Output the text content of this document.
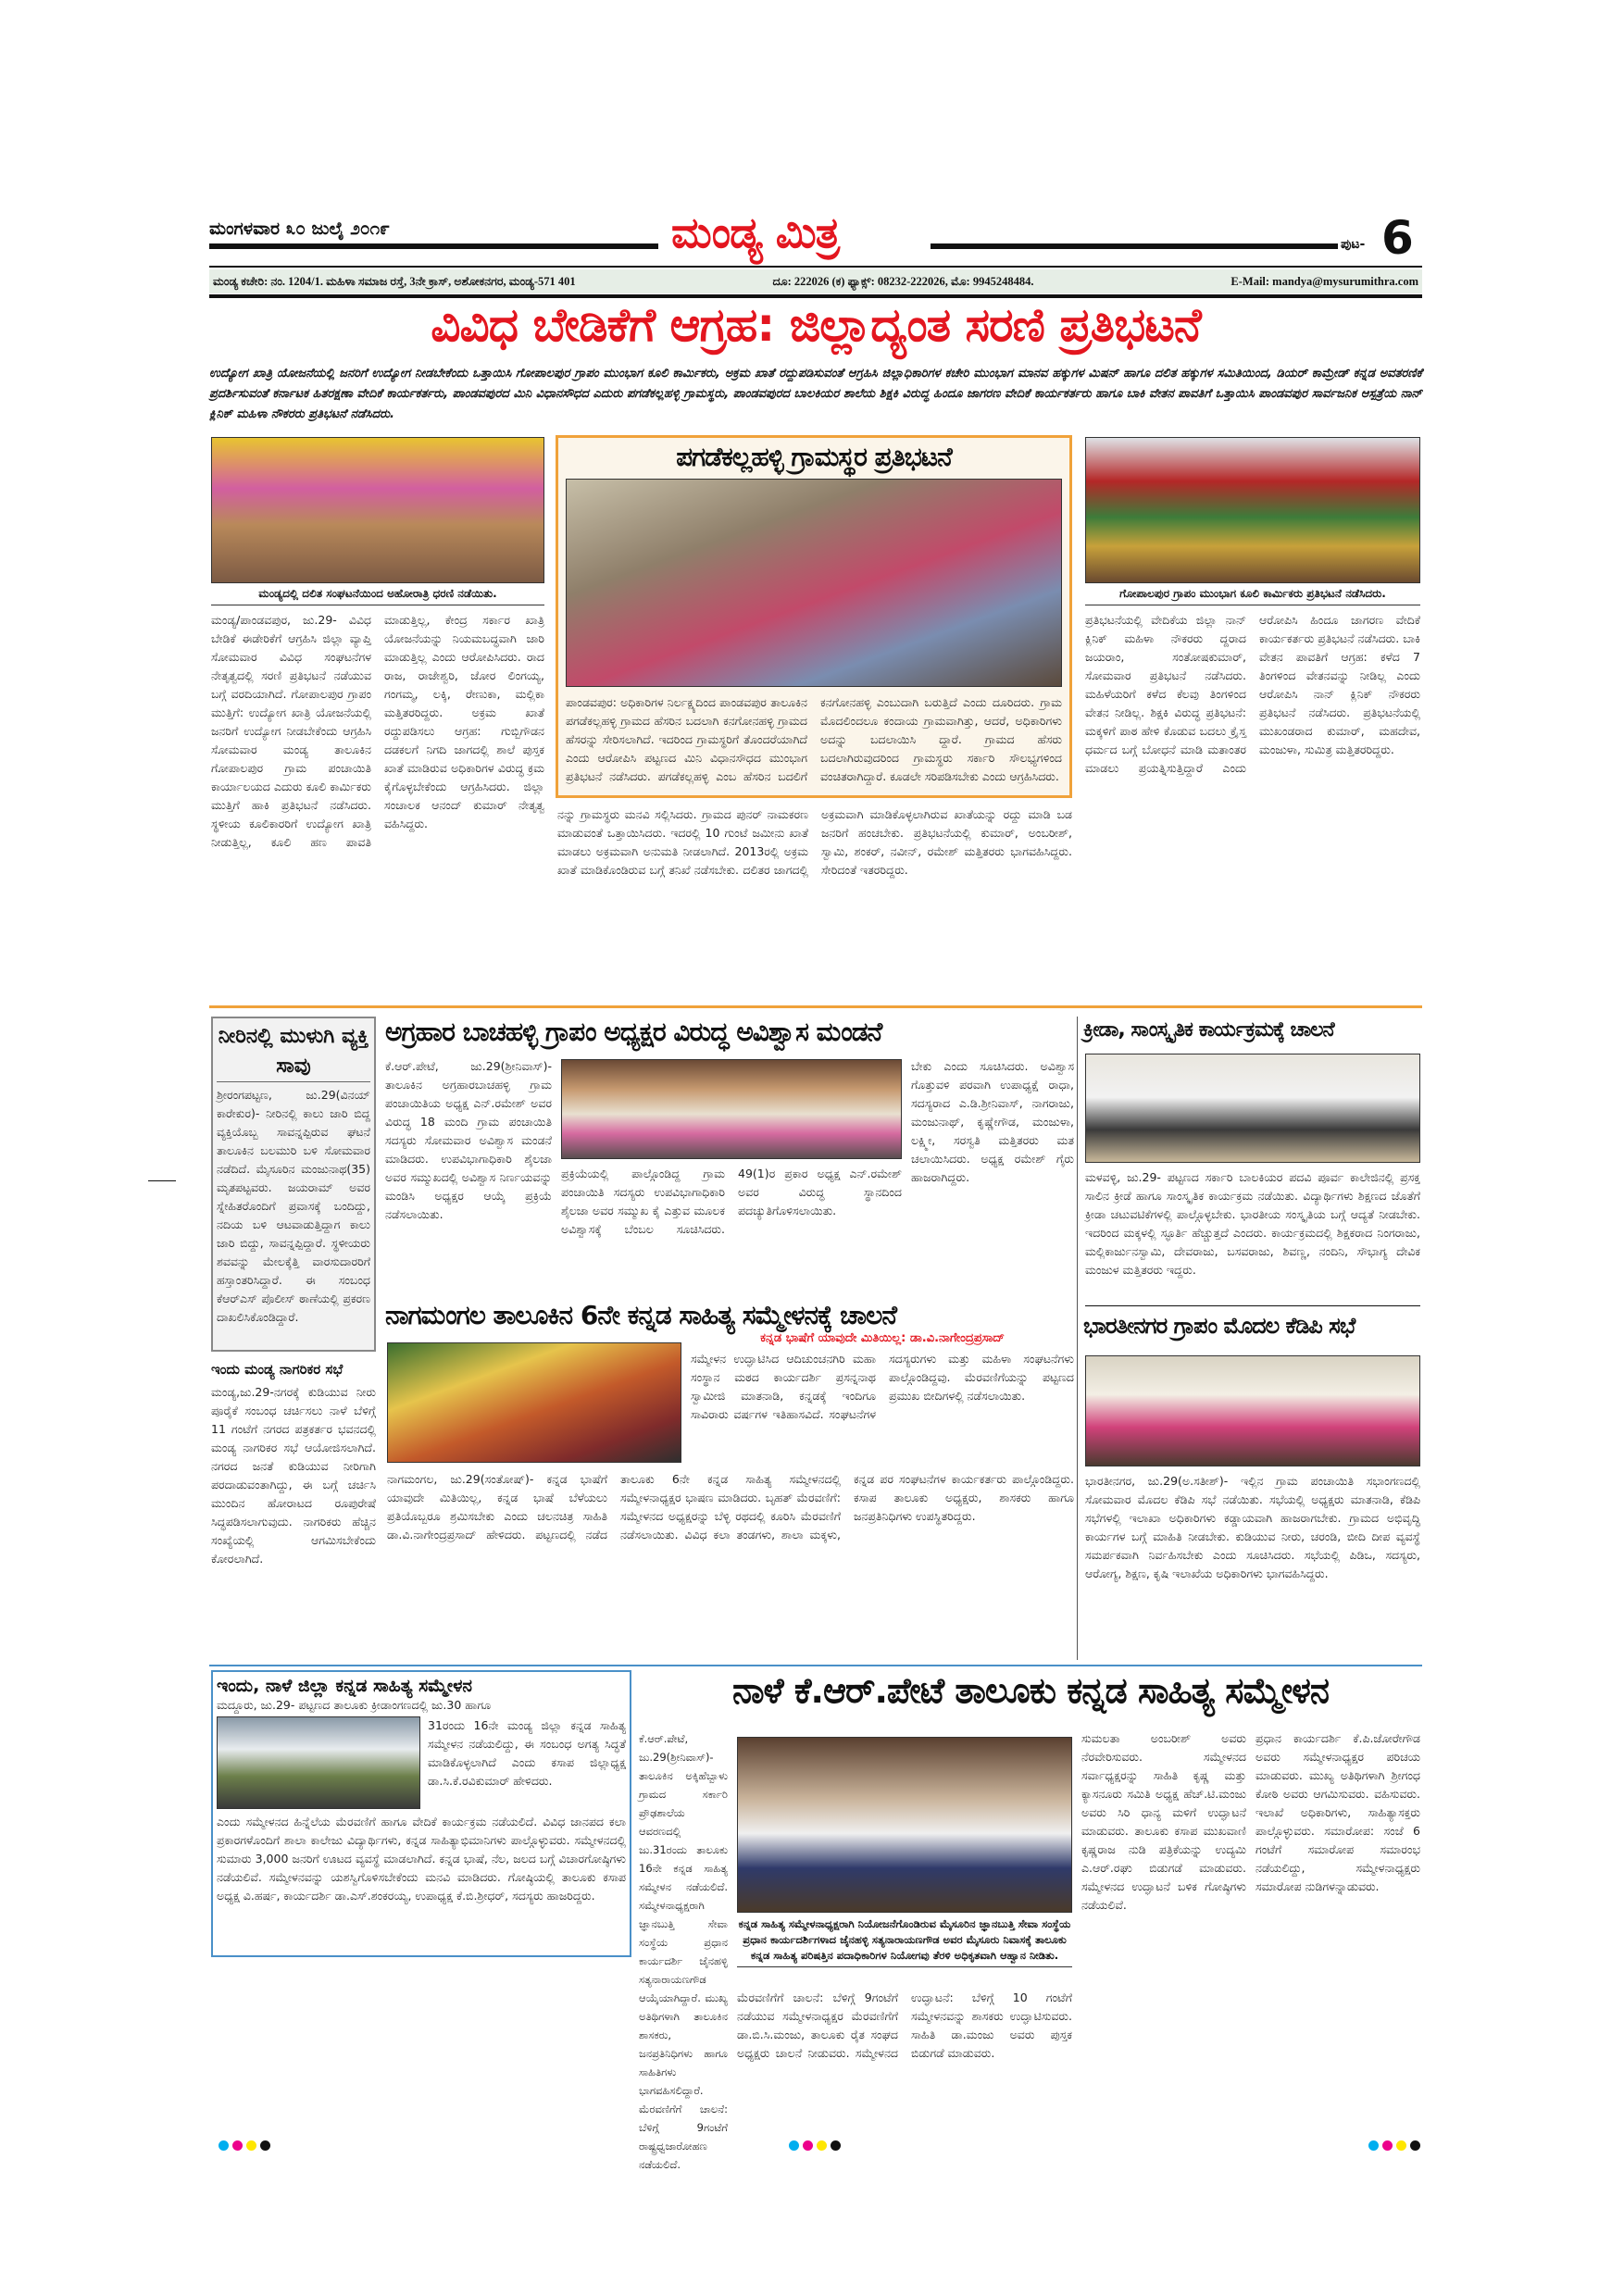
ಮಂಗಳವಾರ ೩೦ ಜುಲೈ ೨೦೧೯	ಮಂಡ್ಯ ಮಿತ್ರ	ಪುಟ- 6
ಮಂಡ್ಯ ಕಚೇರಿ: ನಂ. 1204/1. ಮಹಿಳಾ ಸಮಾಜ ರಸ್ತೆ, 3ನೇ ಕ್ರಾಸ್, ಅಶೋಕನಗರ, ಮಂಡ್ಯ-571 401	ದೂ: 222026 (ಕ) ಫ್ಯಾಕ್ಸ್: 08232-222026, ಮೊ: 9945248484.	E-Mail: mandya@mysurumithra.com
ವಿವಿಧ ಬೇಡಿಕೆಗೆ ಆಗ್ರಹ: ಜಿಲ್ಲಾದ್ಯಂತ ಸರಣಿ ಪ್ರತಿಭಟನೆ
ಉದ್ಯೋಗ ಖಾತ್ರಿ ಯೋಜನೆಯಲ್ಲಿ ಜನರಿಗೆ ಉದ್ಯೋಗ ನೀಡಬೇಕೆಂದು ಒತ್ತಾಯಿಸಿ ಗೋಪಾಲಪುರ ಗ್ರಾಪಂ ಮುಂಭಾಗ ಕೂಲಿ ಕಾರ್ಮಿಕರು, ಅಕ್ರಮ ಖಾತೆ ರದ್ದುಪಡಿಸುವಂತೆ ಆಗ್ರಹಿಸಿ ಜಿಲ್ಲಾಧಿಕಾರಿಗಳ ಕಚೇರಿ ಮುಂಭಾಗ ಮಾನವ ಹಕ್ಕುಗಳ ಮಿಷನ್ ಹಾಗೂ ದಲಿತ ಹಕ್ಕುಗಳ ಸಮಿತಿಯಿಂದ, ಡಿಯರ್ ಕಾಮ್ರೇಡ್ ಕನ್ನಡ ಅವತರಣಿಕೆ ಪ್ರದರ್ಶಿಸುವಂತೆ ಕರ್ನಾಟಕ ಹಿತರಕ್ಷಣಾ ವೇದಿಕೆ ಕಾರ್ಯಕರ್ತರು, ಪಾಂಡವಪುರದ ಮಿನಿ ವಿಧಾನಸೌಧದ ಎದುರು ಪಗಡೆಕಲ್ಲಹಳ್ಳಿ ಗ್ರಾಮಸ್ಥರು, ಪಾಂಡವಪುರದ ಬಾಲಕಿಯರ ಶಾಲೆಯ ಶಿಕ್ಷಕಿ ವಿರುದ್ಧ ಹಿಂದೂ ಜಾಗರಣ ವೇದಿಕೆ ಕಾರ್ಯಕರ್ತರು ಹಾಗೂ ಬಾಕಿ ವೇತನ ಪಾವತಿಗೆ ಒತ್ತಾಯಿಸಿ ಪಾಂಡವಪುರ ಸಾರ್ವಜನಿಕ ಆಸ್ಪತ್ರೆಯ ನಾನ್ ಕ್ಲಿನಿಕ್ ಮಹಿಳಾ ನೌಕರರು ಪ್ರತಿಭಟನೆ ನಡೆಸಿದರು.
ಮಂಡ್ಯದಲ್ಲಿ ದಲಿತ ಸಂಘಟನೆಯಿಂದ ಅಹೋರಾತ್ರಿ ಧರಣಿ ನಡೆಯಿತು.
ಮಂಡ್ಯ/ಪಾಂಡವಪುರ, ಜು.29- ವಿವಿಧ ಬೇಡಿಕೆ ಈಡೇರಿಕೆಗೆ ಆಗ್ರಹಿಸಿ ಜಿಲ್ಲಾ ವ್ಯಾಪ್ತಿ ಸೋಮವಾರ ವಿವಿಧ ಸಂಘಟನೆಗಳ ನೇತೃತ್ವದಲ್ಲಿ ಸರಣಿ ಪ್ರತಿಭಟನೆ ನಡೆಯುವ ಬಗ್ಗೆ ವರದಿಯಾಗಿದೆ. ಗೋಪಾಲಪುರ ಗ್ರಾಪಂ ಮುತ್ತಿಗೆ: ಉದ್ಯೋಗ ಖಾತ್ರಿ ಯೋಜನೆಯಲ್ಲಿ ಜನರಿಗೆ ಉದ್ಯೋಗ ನೀಡಬೇಕೆಂದು ಆಗ್ರಹಿಸಿ ಸೋಮವಾರ ಮಂಡ್ಯ ತಾಲೂಕಿನ ಗೋಪಾಲಪುರ ಗ್ರಾಮ ಪಂಚಾಯಿತಿ ಕಾರ್ಯಾಲಯದ ಎದುರು ಕೂಲಿ ಕಾರ್ಮಿಕರು ಮುತ್ತಿಗೆ ಹಾಕಿ ಪ್ರತಿಭಟನೆ ನಡೆಸಿದರು. ಸ್ಥಳೀಯ ಕೂಲಿಕಾರರಿಗೆ ಉದ್ಯೋಗ ಖಾತ್ರಿ ನೀಡುತ್ತಿಲ್ಲ, ಕೂಲಿ ಹಣ ಪಾವತಿ ಮಾಡುತ್ತಿಲ್ಲ, ಕೇಂದ್ರ ಸರ್ಕಾರ ಖಾತ್ರಿ ಯೋಜನೆಯನ್ನು ನಿಯಮಬದ್ಧವಾಗಿ ಜಾರಿ ಮಾಡುತ್ತಿಲ್ಲ ಎಂದು ಆರೋಪಿಸಿದರು. ರಾದ ರಾಜ, ರಾಜೇಶ್ವರಿ, ಜೋರ ಲಿಂಗಯ್ಯ, ಗಂಗಮ್ಮ, ಲಕ್ಕಿ, ರೇಣುಕಾ, ಮಲ್ಲಿಕಾ ಮತ್ತಿತರರಿದ್ದರು. ಅಕ್ರಮ ಖಾತೆ ರದ್ದುಪಡಿಸಲು ಆಗ್ರಹ: ಗುಬ್ಬಿಗೌಡನ ದಡಕಲಗೆ ನಿಗದಿ ಜಾಗದಲ್ಲಿ ಶಾಲೆ ಪುಸ್ತಕ ಖಾತೆ ಮಾಡಿರುವ ಅಧಿಕಾರಿಗಳ ವಿರುದ್ಧ ಕ್ರಮ ಕೈಗೊಳ್ಳಬೇಕೆಂದು ಆಗ್ರಹಿಸಿದರು. ಜಿಲ್ಲಾ ಸಂಚಾಲಕ ಆನಂದ್ ಕುಮಾರ್ ನೇತೃತ್ವ ವಹಿಸಿದ್ದರು.
ಪಗಡೆಕಲ್ಲಹಳ್ಳಿ ಗ್ರಾಮಸ್ಥರ ಪ್ರತಿಭಟನೆ
ಪಾಂಡವಪುರ: ಅಧಿಕಾರಿಗಳ ನಿರ್ಲಕ್ಷ್ಯದಿಂದ ಪಾಂಡವಪುರ ತಾಲೂಕಿನ ಪಗಡೆಕಲ್ಲಹಳ್ಳಿ ಗ್ರಾಮದ ಹೆಸರಿನ ಬದಲಾಗಿ ಕನಗೋನಹಳ್ಳಿ ಗ್ರಾಮದ ಹೆಸರನ್ನು ಸೇರಿಸಲಾಗಿದೆ. ಇದರಿಂದ ಗ್ರಾಮಸ್ಥರಿಗೆ ತೊಂದರೆಯಾಗಿದೆ ಎಂದು ಆರೋಪಿಸಿ ಪಟ್ಟಣದ ಮಿನಿ ವಿಧಾನಸೌಧದ ಮುಂಭಾಗ ಪ್ರತಿಭಟನೆ ನಡೆಸಿದರು. ಪಗಡೆಕಲ್ಲಹಳ್ಳಿ ಎಂಬ ಹೆಸರಿನ ಬದಲಿಗೆ ಕನಗೋನಹಳ್ಳಿ ಎಂಬುದಾಗಿ ಬರುತ್ತಿದೆ ಎಂದು ದೂರಿದರು. ಗ್ರಾಮ ಮೊದಲಿಂದಲೂ ಕಂದಾಯ ಗ್ರಾಮವಾಗಿತ್ತು, ಆದರೆ, ಅಧಿಕಾರಿಗಳು ಅದನ್ನು ಬದಲಾಯಿಸಿ ದ್ದಾರೆ. ಗ್ರಾಮದ ಹೆಸರು ಬದಲಾಗಿರುವುದರಿಂದ ಗ್ರಾಮಸ್ಥರು ಸರ್ಕಾರಿ ಸೌಲಭ್ಯಗಳಿಂದ ವಂಚಿತರಾಗಿದ್ದಾರೆ. ಕೂಡಲೇ ಸರಿಪಡಿಸಬೇಕು ಎಂದು ಆಗ್ರಹಿಸಿದರು.
ನನ್ನು ಗ್ರಾಮಸ್ಥರು ಮನವಿ ಸಲ್ಲಿಸಿದರು. ಗ್ರಾಮದ ಪುನರ್ ನಾಮಕರಣ ಮಾಡುವಂತೆ ಒತ್ತಾಯಿಸಿದರು. ಇದರಲ್ಲಿ 10 ಗುಂಟೆ ಜಮೀನು ಖಾತೆ ಮಾಡಲು ಅಕ್ರಮವಾಗಿ ಅನುಮತಿ ನೀಡಲಾಗಿದೆ. 2013ರಲ್ಲಿ ಅಕ್ರಮ ಖಾತೆ ಮಾಡಿಕೊಂಡಿರುವ ಬಗ್ಗೆ ತನಿಖೆ ನಡೆಸಬೇಕು. ದಲಿತರ ಜಾಗದಲ್ಲಿ ಅಕ್ರಮವಾಗಿ ಮಾಡಿಕೊಳ್ಳಲಾಗಿರುವ ಖಾತೆಯನ್ನು ರದ್ದು ಮಾಡಿ ಬಡ ಜನರಿಗೆ ಹಂಚಬೇಕು. ಪ್ರತಿಭಟನೆಯಲ್ಲಿ ಕುಮಾರ್, ಅಂಬರೀಶ್, ಸ್ವಾಮಿ, ಶಂಕರ್, ನವೀನ್, ರಮೇಶ್ ಮತ್ತಿತರರು ಭಾಗವಹಿಸಿದ್ದರು. ಸೇರಿದಂತೆ ಇತರರಿದ್ದರು.
ಗೋಪಾಲಪುರ ಗ್ರಾಪಂ ಮುಂಭಾಗ ಕೂಲಿ ಕಾರ್ಮಿಕರು ಪ್ರತಿಭಟನೆ ನಡೆಸಿದರು.
ಪ್ರತಿಭಟನೆಯಲ್ಲಿ ವೇದಿಕೆಯ ಜಿಲ್ಲಾ ನಾನ್ ಕ್ಲಿನಿಕ್ ಮಹಿಳಾ ನೌಕರರು ದ್ದರಾದ ಜಯರಾಂ, ಸಂತೋಷಕುಮಾರ್, ಸೋಮವಾರ ಪ್ರತಿಭಟನೆ ನಡೆಸಿದರು. ಮಹಿಳೆಯರಿಗೆ ಕಳೆದ ಕೆಲವು ತಿಂಗಳಿಂದ ವೇತನ ನೀಡಿಲ್ಲ. ಶಿಕ್ಷಕಿ ವಿರುದ್ಧ ಪ್ರತಿಭಟನೆ: ಮಕ್ಕಳಿಗೆ ಪಾಠ ಹೇಳಿ ಕೊಡುವ ಬದಲು ಕ್ರೈಸ್ತ ಧರ್ಮದ ಬಗ್ಗೆ ಬೋಧನೆ ಮಾಡಿ ಮತಾಂತರ ಮಾಡಲು ಪ್ರಯತ್ನಿಸುತ್ತಿದ್ದಾರೆ ಎಂದು ಆರೋಪಿಸಿ ಹಿಂದೂ ಜಾಗರಣ ವೇದಿಕೆ ಕಾರ್ಯಕರ್ತರು ಪ್ರತಿಭಟನೆ ನಡೆಸಿದರು. ಬಾಕಿ ವೇತನ ಪಾವತಿಗೆ ಆಗ್ರಹ: ಕಳೆದ 7 ತಿಂಗಳಿಂದ ವೇತನವನ್ನು ನೀಡಿಲ್ಲ ಎಂದು ಆರೋಪಿಸಿ ನಾನ್ ಕ್ಲಿನಿಕ್ ನೌಕರರು ಪ್ರತಿಭಟನೆ ನಡೆಸಿದರು. ಪ್ರತಿಭಟನೆಯಲ್ಲಿ ಮುಖಂಡರಾದ ಕುಮಾರ್, ಮಹದೇವ, ಮಂಜುಳಾ, ಸುಮಿತ್ರ ಮತ್ತಿತರರಿದ್ದರು.
ನೀರಿನಲ್ಲಿ ಮುಳುಗಿ ವ್ಯಕ್ತಿ ಸಾವು
ಶ್ರೀರಂಗಪಟ್ಟಣ, ಜು.29(ವಿನಯ್ ಕಾರೇಕುರ)- ನೀರಿನಲ್ಲಿ ಕಾಲು ಜಾರಿ ಬಿದ್ದ ವ್ಯಕ್ತಿಯೊಬ್ಬ ಸಾವನ್ನಪ್ಪಿರುವ ಘಟನೆ ತಾಲೂಕಿನ ಬಲಮುರಿ ಬಳಿ ಸೋಮವಾರ ನಡೆದಿದೆ. ಮೈಸೂರಿನ ಮಂಜುನಾಥ(35) ಮೃತಪಟ್ಟವರು. ಜಯರಾಮ್ ಅವರ ಸ್ನೇಹಿತರೊಂದಿಗೆ ಪ್ರವಾಸಕ್ಕೆ ಬಂದಿದ್ದು, ನದಿಯ ಬಳಿ ಆಟವಾಡುತ್ತಿದ್ದಾಗ ಕಾಲು ಜಾರಿ ಬಿದ್ದು, ಸಾವನ್ನಪ್ಪಿದ್ದಾರೆ. ಸ್ಥಳೀಯರು ಶವವನ್ನು ಮೇಲಕ್ಕೆತ್ತಿ ವಾರಸುದಾರರಿಗೆ ಹಸ್ತಾಂತರಿಸಿದ್ದಾರೆ. ಈ ಸಂಬಂಧ ಕೆಆರ್‌ಎಸ್ ಪೊಲೀಸ್ ಠಾಣೆಯಲ್ಲಿ ಪ್ರಕರಣ ದಾಖಲಿಸಿಕೊಂಡಿದ್ದಾರೆ.
ಇಂದು ಮಂಡ್ಯ ನಾಗರಿಕರ ಸಭೆ
ಮಂಡ್ಯ,ಜು.29-ನಗರಕ್ಕೆ ಕುಡಿಯುವ ನೀರು ಪೂರೈಕೆ ಸಂಬಂಧ ಚರ್ಚಿಸಲು ನಾಳೆ ಬೆಳಿಗ್ಗೆ 11 ಗಂಟೆಗೆ ನಗರದ ಪತ್ರಕರ್ತರ ಭವನದಲ್ಲಿ ಮಂಡ್ಯ ನಾಗರಿಕರ ಸಭೆ ಆಯೋಜಿಸಲಾಗಿದೆ. ನಗರದ ಜನತೆ ಕುಡಿಯುವ ನೀರಿಗಾಗಿ ಪರದಾಡುವಂತಾಗಿದ್ದು, ಈ ಬಗ್ಗೆ ಚರ್ಚಿಸಿ ಮುಂದಿನ ಹೋರಾಟದ ರೂಪುರೇಷೆ ಸಿದ್ಧಪಡಿಸಲಾಗುವುದು. ನಾಗರಿಕರು ಹೆಚ್ಚಿನ ಸಂಖ್ಯೆಯಲ್ಲಿ ಆಗಮಿಸಬೇಕೆಂದು ಕೋರಲಾಗಿದೆ.
ಅಗ್ರಹಾರ ಬಾಚಹಳ್ಳಿ ಗ್ರಾಪಂ ಅಧ್ಯಕ್ಷರ ವಿರುದ್ಧ ಅವಿಶ್ವಾಸ ಮಂಡನೆ
ಕೆ.ಆರ್.ಪೇಟೆ, ಜು.29(ಶ್ರೀನಿವಾಸ್)- ತಾಲೂಕಿನ ಅಗ್ರಹಾರಬಾಚಹಳ್ಳಿ ಗ್ರಾಮ ಪಂಚಾಯಿತಿಯ ಅಧ್ಯಕ್ಷ ಎನ್.ರಮೇಶ್ ಅವರ ವಿರುದ್ಧ 18 ಮಂದಿ ಗ್ರಾಮ ಪಂಚಾಯಿತಿ ಸದಸ್ಯರು ಸೋಮವಾರ ಅವಿಶ್ವಾಸ ಮಂಡನೆ ಮಾಡಿದರು. ಉಪವಿಭಾಗಾಧಿಕಾರಿ ಶೈಲಜಾ ಅವರ ಸಮ್ಮುಖದಲ್ಲಿ ಅವಿಶ್ವಾಸ ನಿರ್ಣಯವನ್ನು ಮಂಡಿಸಿ ಅಧ್ಯಕ್ಷರ ಆಯ್ಕೆ ಪ್ರಕ್ರಿಯೆ ನಡೆಸಲಾಯಿತು.
ಪ್ರಕ್ರಿಯೆಯಲ್ಲಿ ಪಾಲ್ಗೊಂಡಿದ್ದ ಗ್ರಾಮ ಪಂಚಾಯಿತಿ ಸದಸ್ಯರು ಉಪವಿಭಾಗಾಧಿಕಾರಿ ಶೈಲಜಾ ಅವರ ಸಮ್ಮುಖ ಕೈ ಎತ್ತುವ ಮೂಲಕ ಅವಿಶ್ವಾಸಕ್ಕೆ ಬೆಂಬಲ ಸೂಚಿಸಿದರು. 49(1)ರ ಪ್ರಕಾರ ಅಧ್ಯಕ್ಷ ಎನ್.ರಮೇಶ್ ಅವರ ವಿರುದ್ಧ ಸ್ಥಾನದಿಂದ ಪದಚ್ಯುತಿಗೊಳಿಸಲಾಯಿತು.
ಬೇಕು ಎಂದು ಸೂಚಿಸಿದರು. ಅವಿಶ್ವಾಸ ಗೊತ್ತುವಳಿ ಪರವಾಗಿ ಉಪಾಧ್ಯಕ್ಷೆ ರಾಧಾ, ಸದಸ್ಯರಾದ ಎ.ಡಿ.ಶ್ರೀನಿವಾಸ್, ನಾಗರಾಜು, ಮಂಜುನಾಥ್, ಕೃಷ್ಣೇಗೌಡ, ಮಂಜುಳಾ, ಲಕ್ಷ್ಮೀ, ಸರಸ್ವತಿ ಮತ್ತಿತರರು ಮತ ಚಲಾಯಿಸಿದರು. ಅಧ್ಯಕ್ಷ ರಮೇಶ್ ಗೈರು ಹಾಜರಾಗಿದ್ದರು.
ಕ್ರೀಡಾ, ಸಾಂಸ್ಕೃತಿಕ ಕಾರ್ಯಕ್ರಮಕ್ಕೆ ಚಾಲನೆ
ಮಳವಳ್ಳಿ, ಜು.29- ಪಟ್ಟಣದ ಸರ್ಕಾರಿ ಬಾಲಕಿಯರ ಪದವಿ ಪೂರ್ವ ಕಾಲೇಜಿನಲ್ಲಿ ಪ್ರಸಕ್ತ ಸಾಲಿನ ಕ್ರೀಡೆ ಹಾಗೂ ಸಾಂಸ್ಕೃತಿಕ ಕಾರ್ಯಕ್ರಮ ನಡೆಯಿತು. ವಿದ್ಯಾರ್ಥಿಗಳು ಶಿಕ್ಷಣದ ಜೊತೆಗೆ ಕ್ರೀಡಾ ಚಟುವಟಿಕೆಗಳಲ್ಲಿ ಪಾಲ್ಗೊಳ್ಳಬೇಕು. ಭಾರತೀಯ ಸಂಸ್ಕೃತಿಯ ಬಗ್ಗೆ ಆದ್ಯತೆ ನೀಡಬೇಕು. ಇದರಿಂದ ಮಕ್ಕಳಲ್ಲಿ ಸ್ಫೂರ್ತಿ ಹೆಚ್ಚುತ್ತದೆ ಎಂದರು. ಕಾರ್ಯಕ್ರಮದಲ್ಲಿ ಶಿಕ್ಷಕರಾದ ನಿಂಗರಾಜು, ಮಲ್ಲಿಕಾರ್ಜುನಸ್ವಾಮಿ, ದೇವರಾಜು, ಬಸವರಾಜು, ಶಿವಣ್ಣ, ನಂದಿನಿ, ಸೌಭಾಗ್ಯ ದೇವಿಕ ಮಂಜುಳ ಮತ್ತಿತರರು ಇದ್ದರು.
ಭಾರತೀನಗರ ಗ್ರಾಪಂ ಮೊದಲ ಕೆಡಿಪಿ ಸಭೆ
ಭಾರತೀನಗರ, ಜು.29(ಅ.ಸತೀಶ್)- ಇಲ್ಲಿನ ಗ್ರಾಮ ಪಂಚಾಯಿತಿ ಸಭಾಂಗಣದಲ್ಲಿ ಸೋಮವಾರ ಮೊದಲ ಕೆಡಿಪಿ ಸಭೆ ನಡೆಯಿತು. ಸಭೆಯಲ್ಲಿ ಅಧ್ಯಕ್ಷರು ಮಾತನಾಡಿ, ಕೆಡಿಪಿ ಸಭೆಗಳಲ್ಲಿ ಇಲಾಖಾ ಅಧಿಕಾರಿಗಳು ಕಡ್ಡಾಯವಾಗಿ ಹಾಜರಾಗಬೇಕು. ಗ್ರಾಮದ ಅಭಿವೃದ್ಧಿ ಕಾರ್ಯಗಳ ಬಗ್ಗೆ ಮಾಹಿತಿ ನೀಡಬೇಕು. ಕುಡಿಯುವ ನೀರು, ಚರಂಡಿ, ಬೀದಿ ದೀಪ ವ್ಯವಸ್ಥೆ ಸಮರ್ಪಕವಾಗಿ ನಿರ್ವಹಿಸಬೇಕು ಎಂದು ಸೂಚಿಸಿದರು. ಸಭೆಯಲ್ಲಿ ಪಿಡಿಒ, ಸದಸ್ಯರು, ಆರೋಗ್ಯ, ಶಿಕ್ಷಣ, ಕೃಷಿ ಇಲಾಖೆಯ ಅಧಿಕಾರಿಗಳು ಭಾಗವಹಿಸಿದ್ದರು.
ನಾಗಮಂಗಲ ತಾಲೂಕಿನ 6ನೇ ಕನ್ನಡ ಸಾಹಿತ್ಯ ಸಮ್ಮೇಳನಕ್ಕೆ ಚಾಲನೆ
ಕನ್ನಡ ಭಾಷೆಗೆ ಯಾವುದೇ ಮಿತಿಯಿಲ್ಲ: ಡಾ.ವಿ.ನಾಗೇಂದ್ರಪ್ರಸಾದ್
ಸಮ್ಮೇಳನ ಉದ್ಘಾಟಿಸಿದ ಆದಿಚುಂಚನಗಿರಿ ಮಹಾ ಸಂಸ್ಥಾನ ಮಠದ ಕಾರ್ಯದರ್ಶಿ ಪ್ರಸನ್ನನಾಥ ಸ್ವಾಮೀಜಿ ಮಾತನಾಡಿ, ಕನ್ನಡಕ್ಕೆ ಇಂದಿಗೂ ಸಾವಿರಾರು ವರ್ಷಗಳ ಇತಿಹಾಸವಿದೆ. ಸಂಘಟನೆಗಳ ಸದಸ್ಯರುಗಳು ಮತ್ತು ಮಹಿಳಾ ಸಂಘಟನೆಗಳು ಪಾಲ್ಗೊಂಡಿದ್ದವು. ಮೆರವಣಿಗೆಯನ್ನು ಪಟ್ಟಣದ ಪ್ರಮುಖ ಬೀದಿಗಳಲ್ಲಿ ನಡೆಸಲಾಯಿತು.
ನಾಗಮಂಗಲ, ಜು.29(ಸಂತೋಷ್)- ಕನ್ನಡ ಭಾಷೆಗೆ ಯಾವುದೇ ಮಿತಿಯಿಲ್ಲ, ಕನ್ನಡ ಭಾಷೆ ಬೆಳೆಯಲು ಪ್ರತಿಯೊಬ್ಬರೂ ಶ್ರಮಿಸಬೇಕು ಎಂದು ಚಲನಚಿತ್ರ ಸಾಹಿತಿ ಡಾ.ವಿ.ನಾಗೇಂದ್ರಪ್ರಸಾದ್ ಹೇಳಿದರು. ಪಟ್ಟಣದಲ್ಲಿ ನಡೆದ ತಾಲೂಕು 6ನೇ ಕನ್ನಡ ಸಾಹಿತ್ಯ ಸಮ್ಮೇಳನದಲ್ಲಿ ಸಮ್ಮೇಳನಾಧ್ಯಕ್ಷರ ಭಾಷಣ ಮಾಡಿದರು. ಬೃಹತ್ ಮೆರವಣಿಗೆ: ಸಮ್ಮೇಳನದ ಅಧ್ಯಕ್ಷರನ್ನು ಬೆಳ್ಳಿ ರಥದಲ್ಲಿ ಕೂರಿಸಿ ಮೆರವಣಿಗೆ ನಡೆಸಲಾಯಿತು. ವಿವಿಧ ಕಲಾ ತಂಡಗಳು, ಶಾಲಾ ಮಕ್ಕಳು, ಕನ್ನಡ ಪರ ಸಂಘಟನೆಗಳ ಕಾರ್ಯಕರ್ತರು ಪಾಲ್ಗೊಂಡಿದ್ದರು. ಕಸಾಪ ತಾಲೂಕು ಅಧ್ಯಕ್ಷರು, ಶಾಸಕರು ಹಾಗೂ ಜನಪ್ರತಿನಿಧಿಗಳು ಉಪಸ್ಥಿತರಿದ್ದರು.
ಇಂದು, ನಾಳೆ ಜಿಲ್ಲಾ ಕನ್ನಡ ಸಾಹಿತ್ಯ ಸಮ್ಮೇಳನ
ಮದ್ದೂರು, ಜು.29- ಪಟ್ಟಣದ ತಾಲೂಕು ಕ್ರೀಡಾಂಗಣದಲ್ಲಿ ಜು.30 ಹಾಗೂ
31ರಂದು 16ನೇ ಮಂಡ್ಯ ಜಿಲ್ಲಾ ಕನ್ನಡ ಸಾಹಿತ್ಯ ಸಮ್ಮೇಳನ ನಡೆಯಲಿದ್ದು, ಈ ಸಂಬಂಧ ಅಗತ್ಯ ಸಿದ್ಧತೆ ಮಾಡಿಕೊಳ್ಳಲಾಗಿದೆ ಎಂದು ಕಸಾಪ ಜಿಲ್ಲಾಧ್ಯಕ್ಷ ಡಾ.ಸಿ.ಕೆ.ರವಿಕುಮಾರ್ ಹೇಳಿದರು.
ಎಂದು ಸಮ್ಮೇಳನದ ಹಿನ್ನೆಲೆಯ ಮೆರವಣಿಗೆ ಹಾಗೂ ವೇದಿಕೆ ಕಾರ್ಯಕ್ರಮ ನಡೆಯಲಿದೆ. ವಿವಿಧ ಜಾನಪದ ಕಲಾ ಪ್ರಕಾರಗಳೊಂದಿಗೆ ಶಾಲಾ ಕಾಲೇಜು ವಿದ್ಯಾರ್ಥಿಗಳು, ಕನ್ನಡ ಸಾಹಿತ್ಯಾಭಿಮಾನಿಗಳು ಪಾಲ್ಗೊಳ್ಳುವರು. ಸಮ್ಮೇಳನದಲ್ಲಿ ಸುಮಾರು 3,000 ಜನರಿಗೆ ಊಟದ ವ್ಯವಸ್ಥೆ ಮಾಡಲಾಗಿದೆ. ಕನ್ನಡ ಭಾಷೆ, ನೆಲ, ಜಲದ ಬಗ್ಗೆ ವಿಚಾರಗೋಷ್ಠಿಗಳು ನಡೆಯಲಿವೆ. ಸಮ್ಮೇಳನವನ್ನು ಯಶಸ್ವಿಗೊಳಿಸಬೇಕೆಂದು ಮನವಿ ಮಾಡಿದರು. ಗೋಷ್ಠಿಯಲ್ಲಿ ತಾಲೂಕು ಕಸಾಪ ಅಧ್ಯಕ್ಷ ವಿ.ಹರ್ಷ, ಕಾರ್ಯದರ್ಶಿ ಡಾ.ಎಸ್.ಶಂಕರಯ್ಯ, ಉಪಾಧ್ಯಕ್ಷ ಕೆ.ಬಿ.ಶ್ರೀಧರ್, ಸದಸ್ಯರು ಹಾಜರಿದ್ದರು.
ನಾಳೆ ಕೆ.ಆರ್.ಪೇಟೆ ತಾಲೂಕು ಕನ್ನಡ ಸಾಹಿತ್ಯ ಸಮ್ಮೇಳನ
ಕೆ.ಆರ್.ಪೇಟೆ, ಜು.29(ಶ್ರೀನಿವಾಸ್)- ತಾಲೂಕಿನ ಅಕ್ಕಿಹೆಬ್ಬಾಳು ಗ್ರಾಮದ ಸರ್ಕಾರಿ ಪ್ರೌಢಶಾಲೆಯ ಆವರಣದಲ್ಲಿ ಜು.31ರಂದು ತಾಲೂಕು 16ನೇ ಕನ್ನಡ ಸಾಹಿತ್ಯ ಸಮ್ಮೇಳನ ನಡೆಯಲಿದೆ. ಸಮ್ಮೇಳನಾಧ್ಯಕ್ಷರಾಗಿ ಜ್ಞಾನಬುತ್ತಿ ಸೇವಾ ಸಂಸ್ಥೆಯ ಪ್ರಧಾನ ಕಾರ್ಯದರ್ಶಿ ಜೈನಹಳ್ಳಿ ಸತ್ಯನಾರಾಯಣಗೌಡ ಆಯ್ಕೆಯಾಗಿದ್ದಾರೆ. ಮುಖ್ಯ ಅತಿಥಿಗಳಾಗಿ ತಾಲೂಕಿನ ಶಾಸಕರು, ಜನಪ್ರತಿನಿಧಿಗಳು ಹಾಗೂ ಸಾಹಿತಿಗಳು ಭಾಗವಹಿಸಲಿದ್ದಾರೆ. ಮೆರವಣಿಗೆಗೆ ಚಾಲನೆ: ಬೆಳಿಗ್ಗೆ 9ಗಂಟೆಗೆ ರಾಷ್ಟ್ರಧ್ವಜಾರೋಹಣ ನಡೆಯಲಿದೆ.
ಕನ್ನಡ ಸಾಹಿತ್ಯ ಸಮ್ಮೇಳನಾಧ್ಯಕ್ಷರಾಗಿ ನಿಯೋಜನೆಗೊಂಡಿರುವ ಮೈಸೂರಿನ ಜ್ಞಾನಬುತ್ತಿ ಸೇವಾ ಸಂಸ್ಥೆಯ ಪ್ರಧಾನ ಕಾರ್ಯದರ್ಶಿಗಳಾದ ಜೈನಹಳ್ಳಿ ಸತ್ಯನಾರಾಯಣಗೌಡ ಅವರ ಮೈಸೂರು ನಿವಾಸಕ್ಕೆ ತಾಲೂಕು ಕನ್ನಡ ಸಾಹಿತ್ಯ ಪರಿಷತ್ತಿನ ಪದಾಧಿಕಾರಿಗಳ ನಿಯೋಗವು ತೆರಳಿ ಅಧಿಕೃತವಾಗಿ ಆಹ್ವಾನ ನೀಡಿತು.
ಮೆರವಣಿಗೆಗೆ ಚಾಲನೆ: ಬೆಳಿಗ್ಗೆ 9ಗಂಟೆಗೆ ನಡೆಯುವ ಸಮ್ಮೇಳನಾಧ್ಯಕ್ಷರ ಮೆರವಣಿಗೆಗೆ ಡಾ.ಬಿ.ಸಿ.ಮಂಜು, ತಾಲೂಕು ರೈತ ಸಂಘದ ಅಧ್ಯಕ್ಷರು ಚಾಲನೆ ನೀಡುವರು. ಸಮ್ಮೇಳನದ ಉದ್ಘಾಟನೆ: ಬೆಳಿಗ್ಗೆ 10 ಗಂಟೆಗೆ ಸಮ್ಮೇಳನವನ್ನು ಶಾಸಕರು ಉದ್ಘಾಟಿಸುವರು. ಸಾಹಿತಿ ಡಾ.ಮಂಜು ಅವರು ಪುಸ್ತಕ ಬಿಡುಗಡೆ ಮಾಡುವರು.
ಸುಮಲತಾ ಅಂಬರೀಶ್ ಅವರು ನೆರವೇರಿಸುವರು. ಸಮ್ಮೇಳನದ ಸರ್ವಾಧ್ಯಕ್ಷರನ್ನು ಸಾಹಿತಿ ಕೃಷ್ಣ ಮತ್ತು ಕ್ಯಾಸನೂರು ಸಮಿತಿ ಅಧ್ಯಕ್ಷ ಹೆಚ್.ಟಿ.ಮಂಜು ಅವರು ಸಿರಿ ಧಾನ್ಯ ಮಳಿಗೆ ಉದ್ಘಾಟನೆ ಮಾಡುವರು. ತಾಲೂಕು ಕಸಾಪ ಮುಖವಾಣಿ ಕೃಷ್ಣರಾಜ ನುಡಿ ಪತ್ರಿಕೆಯನ್ನು ಉದ್ಯಮಿ ಎ.ಆರ್.ರಘು ಬಿಡುಗಡೆ ಮಾಡುವರು. ಸಮ್ಮೇಳನದ ಉದ್ಘಾಟನೆ ಬಳಿಕ ಗೋಷ್ಠಿಗಳು ನಡೆಯಲಿವೆ.
ಪ್ರಧಾನ ಕಾರ್ಯದರ್ಶಿ ಕೆ.ಪಿ.ಜೋರೇಗೌಡ ಅವರು ಸಮ್ಮೇಳನಾಧ್ಯಕ್ಷರ ಪರಿಚಯ ಮಾಡುವರು. ಮುಖ್ಯ ಅತಿಥಿಗಳಾಗಿ ಶ್ರೀಗಂಧ ಕೋಠಿ ಅವರು ಆಗಮಿಸುವರು. ವಹಿಸುವರು. ಇಲಾಖೆ ಅಧಿಕಾರಿಗಳು, ಸಾಹಿತ್ಯಾಸಕ್ತರು ಪಾಲ್ಗೊಳ್ಳುವರು. ಸಮಾರೋಪ: ಸಂಜೆ 6 ಗಂಟೆಗೆ ಸಮಾರೋಪ ಸಮಾರಂಭ ನಡೆಯಲಿದ್ದು, ಸಮ್ಮೇಳನಾಧ್ಯಕ್ಷರು ಸಮಾರೋಪ ನುಡಿಗಳನ್ನಾಡುವರು.
